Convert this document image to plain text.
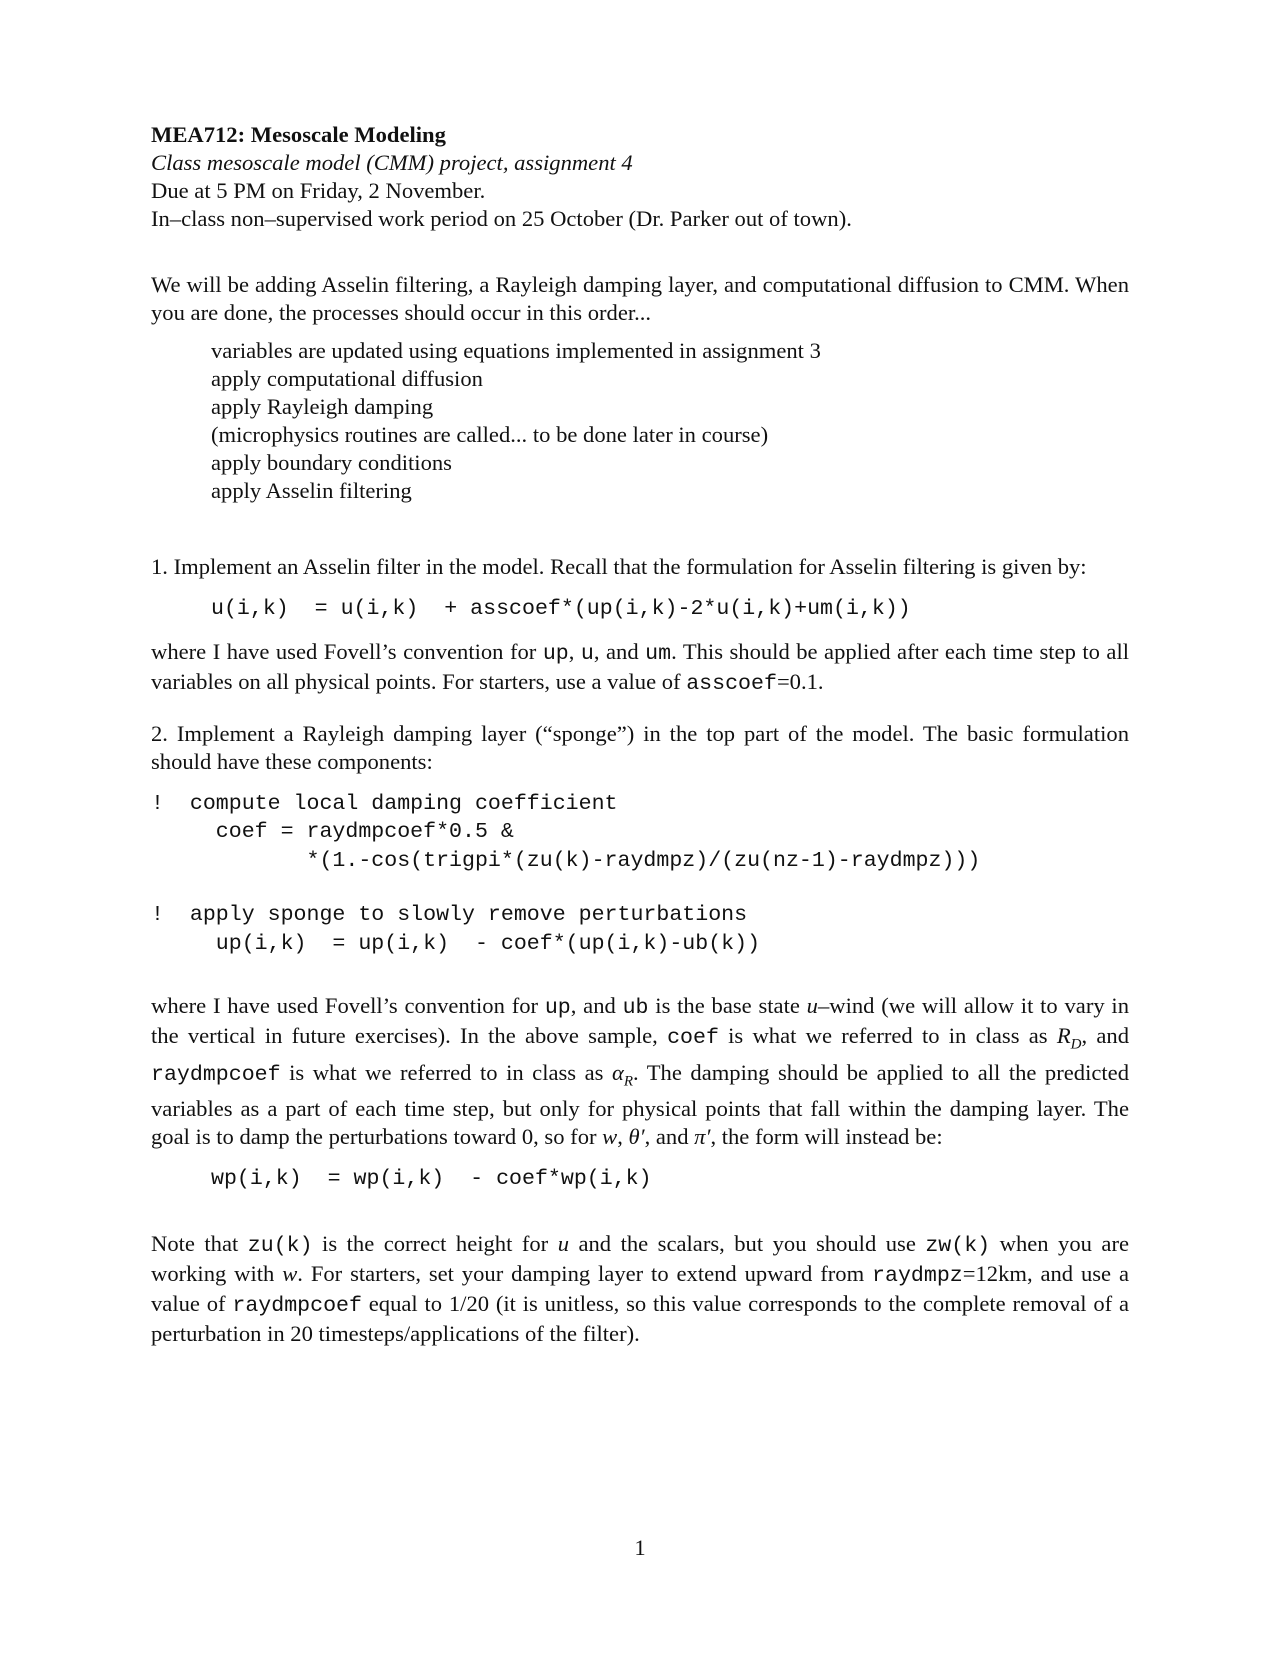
MEA712: Mesoscale Modeling
Class mesoscale model (CMM) project, assignment 4
Due at 5 PM on Friday, 2 November.
In–class non–supervised work period on 25 October (Dr. Parker out of town).

We will be adding Asselin filtering, a Rayleigh damping layer, and computational diffusion to CMM. When you are done, the processes should occur in this order...

variables are updated using equations implemented in assignment 3
apply computational diffusion
apply Rayleigh damping
(microphysics routines are called... to be done later in course)
apply boundary conditions
apply Asselin filtering

1. Implement an Asselin filter in the model. Recall that the formulation for Asselin filtering is given by:

u(i,k)  = u(i,k)  + asscoef*(up(i,k)-2*u(i,k)+um(i,k))

where I have used Fovell’s convention for up, u, and um. This should be applied after each time step to all variables on all physical points. For starters, use a value of asscoef=0.1.

2. Implement a Rayleigh damping layer (“sponge”) in the top part of the model. The basic formulation should have these components:

!  compute local damping coefficient
coef = raydmpcoef*0.5 &
*(1.-cos(trigpi*(zu(k)-raydmpz)/(zu(nz-1)-raydmpz)))
!  apply sponge to slowly remove perturbations
up(i,k)  = up(i,k)  - coef*(up(i,k)-ub(k))

where I have used Fovell’s convention for up, and ub is the base state u–wind (we will allow it to vary in the vertical in future exercises). In the above sample, coef is what we referred to in class as $R_D$, and raydmpcoef is what we referred to in class as $\alpha_R$. The damping should be applied to all the predicted variables as a part of each time step, but only for physical points that fall within the damping layer. The goal is to damp the perturbations toward 0, so for w, θ′, and π′, the form will instead be:

wp(i,k)  = wp(i,k)  - coef*wp(i,k)

Note that zu(k) is the correct height for u and the scalars, but you should use zw(k) when you are working with w. For starters, set your damping layer to extend upward from raydmpz=12km, and use a value of raydmpcoef equal to 1/20 (it is unitless, so this value corresponds to the complete removal of a perturbation in 20 timesteps/applications of the filter).

1
